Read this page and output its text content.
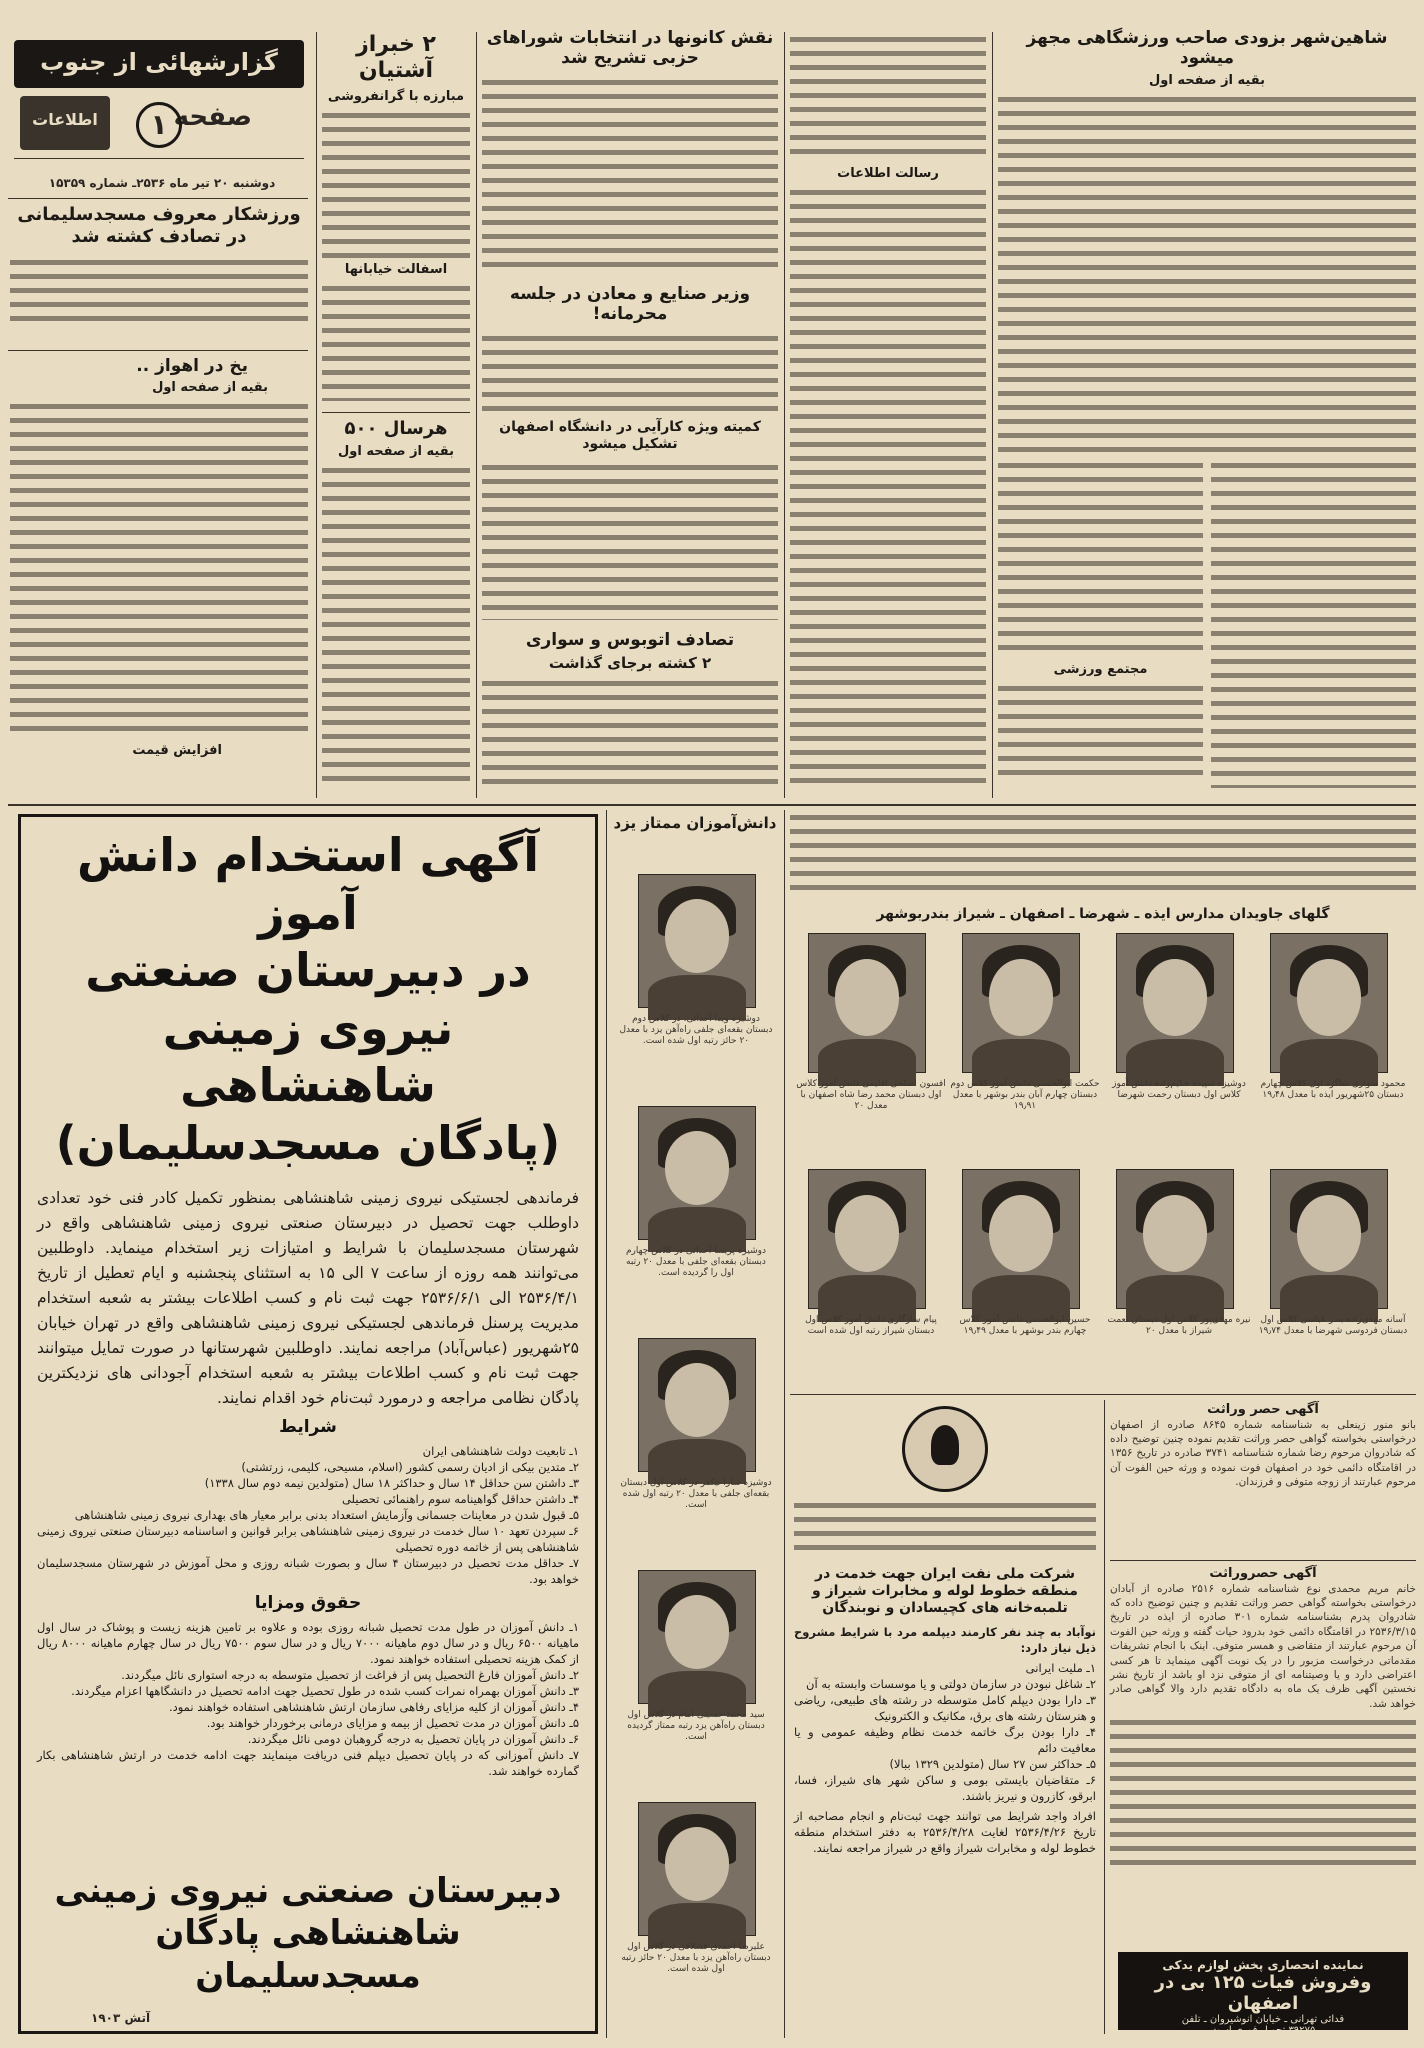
گزارشهائی از جنوب
صفحه
۱
اطلاعات
دوشنبه ۲۰ تیر ماه ۲۵۳۶ـ شماره ۱۵۳۵۹

ورزشکار معروف مسجدسلیمانی در تصادف کشته شد

یخ در اهواز ..

بقیه از صفحه اول

افزایش قیمت

۲ خبراز آشتیان

مبارزه با گرانفروشی

اسفالت خیابانها

هرسال ۵۰۰

بقیه از صفحه اول

نقش کانونها در انتخابات شوراهای حزبی تشریح شد

وزیر صنایع و معادن در جلسه محرمانه!

کمیته ویژه کارآیی در دانشگاه اصفهان تشکیل میشود

تصادف اتوبوس و سواری

۲ کشته برجای گذاشت

رسالت اطلاعات

شاهین‌شهر بزودی صاحب ورزشگاهی مجهز میشود

بقیه از صفحه اول

مجتمع ورزشی

آگهی استخدام دانش آموز

در دبیرستان صنعتی

نیروی زمینی شاهنشاهی

(پادگان مسجدسلیمان)

فرماندهی لجستیکی نیروی زمینی شاهنشاهی بمنظور تکمیل کادر فنی خود تعدادی داوطلب جهت تحصیل در دبیرستان صنعتی نیروی زمینی شاهنشاهی واقع در شهرستان مسجدسلیمان با شرایط و امتیازات زیر استخدام مینماید. داوطلبین می‌توانند همه روزه از ساعت ۷ الی ۱۵ به استثنای پنجشنبه و ایام تعطیل از تاریخ ۲۵۳۶/۴/۱ الی ۲۵۳۶/۶/۱ جهت ثبت نام و کسب اطلاعات بیشتر به شعبه استخدام مدیریت پرسنل فرماندهی لجستیکی نیروی زمینی شاهنشاهی واقع در تهران خیابان ۲۵شهریور (عباس‌آباد) مراجعه نمایند. داوطلبین شهرستانها در صورت تمایل میتوانند جهت ثبت نام و کسب اطلاعات بیشتر به شعبه استخدام آجودانی های نزدیکترین پادگان نظامی مراجعه و درمورد ثبت‌نام خود اقدام نمایند.

شرایط

۱ـ تابعیت دولت شاهنشاهی ایران

۲ـ متدین بیکی از ادیان رسمی کشور (اسلام، مسیحی، کلیمی، زرتشتی)

۳ـ داشتن سن حداقل ۱۴ سال و حداکثر ۱۸ سال (متولدین نیمه دوم سال ۱۳۳۸)

۴ـ داشتن حداقل گواهینامه سوم راهنمائی تحصیلی

۵ـ قبول شدن در معاینات جسمانی وآزمایش استعداد بدنی برابر معیار های بهداری نیروی زمینی شاهنشاهی

۶ـ سپردن تعهد ۱۰ سال خدمت در نیروی زمینی شاهنشاهی برابر قوانین و اساسنامه دبیرستان صنعتی نیروی زمینی شاهنشاهی پس از خاتمه دوره تحصیلی

۷ـ حداقل مدت تحصیل در دبیرستان ۴ سال و بصورت شبانه روزی و محل آموزش در شهرستان مسجدسلیمان خواهد بود.

حقوق ومزایا

۱ـ دانش آموزان در طول مدت تحصیل شبانه روزی بوده و علاوه بر تامین هزینه زیست و پوشاک در سال اول ماهیانه ۶۵۰۰ ریال و در سال دوم ماهیانه ۷۰۰۰ ریال و در سال سوم ۷۵۰۰ ریال در سال چهارم ماهیانه ۸۰۰۰ ریال از کمک هزینه تحصیلی استفاده خواهند نمود.

۲ـ دانش آموزان فارغ التحصیل پس از فراغت از تحصیل متوسطه به درجه استواری نائل میگردند.

۳ـ دانش آموزان بهمراه نمرات کسب شده در طول تحصیل جهت ادامه تحصیل در دانشگاهها اعزام میگردند.

۴ـ دانش آموزان از کلیه مزایای رفاهی سازمان ارتش شاهنشاهی استفاده خواهند نمود.

۵ـ دانش آموزان در مدت تحصیل از بیمه و مزایای درمانی برخوردار خواهند بود.

۶ـ دانش آموزان در پایان تحصیل به درجه گروهبان دومی نائل میگردند.

۷ـ دانش آموزانی که در پایان تحصیل دیپلم فنی دریافت مینمایند جهت ادامه خدمت در ارتش شاهنشاهی بکار گمارده خواهند شد.

دبیرستان صنعتی نیروی زمینی

شاهنشاهی پادگان مسجدسلیمان

آتش ۱۹۰۳

دانش‌آموزان ممتاز یزد

دوشیزه ویدا آحدائی، در کلاس دوم دبستان بقعه‌ای جلفی راه‌آهن یزد با معدل ۲۰ حائز رتبه اول شده است.
دوشیزه پریسا آحدائی در کلاس چهارم دبستان بقعه‌ای جلفی با معدل ۲۰ رتبه اول را گردیده است.
دوشیزه سارا نیکفر در کلاس اول دبستان بقعه‌ای جلفی با معدل ۲۰ رتبه اول شده است.
سید محمد حسینی امام در کلاس اول دبستان راه‌آهن یزد رتبه ممتاز گردیده است.
علیرضا احمدی قشلاقی در کلاس اول دبستان راه‌آهن یزد با معدل ۲۰ حائز رتبه اول شده است.

گلهای جاویدان مدارس ایذه ـ شهرضا ـ اصفهان ـ شیراز بندربوشهر

محمود سواری شاگرد اول کلاس چهارم دبستان ۲۵شهریور ایذه با معدل ۱۹٫۴۸
دوشیزه سپیده حکیم‌زاده دانش آموز کلاس اول دبستان رحمت شهرضا
حکمت ابوالحسنی دانش آموز کلاس دوم دبستان چهارم آبان بندر بوشهر با معدل ۱۹٫۹۱
افسون اصلحی اقلیمی دانش آموز کلاس اول دبستان محمد رضا شاه اصفهان با معدل ۲۰
آسانه مهدی‌زاده بندر عباسی کلاس اول دبستان فردوسی شهرضا با معدل ۱۹٫۷۴
نیره مهدی‌پور کلاس اول دبستان نعمت شیراز با معدل ۲۰
حسین ابوالحسنی دانش آموز کلاس چهارم بندر بوشهر با معدل ۱۹٫۴۹
پیام سازگاری دانش آموز کلاس اول دبستان شیراز رتبه اول شده است

شرکت ملی نفت ایران جهت خدمت در منطقه خطوط لوله و مخابرات شیراز و تلمبه‌خانه های کچیسادان و نوبندگان

نوآباد به چند نفر کارمند دیپلمه مرد با شرایط مشروح ذیل نیاز دارد:

۱ـ ملیت ایرانی

۲ـ شاغل نبودن در سازمان دولتی و یا موسسات وابسته به آن

۳ـ دارا بودن دیپلم کامل متوسطه در رشته های طبیعی، ریاضی و هنرستان رشته های برق، مکانیک و الکترونیک

۴ـ دارا بودن برگ خاتمه خدمت نظام وظیفه عمومی و یا معافیت دائم

۵ـ حداکثر سن ۲۷ سال (متولدین ۱۳۲۹ ببالا)

۶ـ متقاضیان بایستی بومی و ساکن شهر های شیراز، فسا، ابرقو، کازرون و نیریز باشند.

افراد واجد شرایط می توانند جهت ثبت‌نام و انجام مصاحبه از تاریخ ۲۵۳۶/۴/۲۶ لغایت ۲۵۳۶/۴/۲۸ به دفتر استخدام منطقه خطوط لوله و مخابرات شیراز واقع در شیراز مراجعه نمایند.

آگهی حصر وراثت

بانو منور زینعلی به شناسنامه شماره ۸۶۴۵ صادره از اصفهان درخواستی بخواسته گواهی حصر وراثت تقدیم نموده چنین توضیح داده که شادروان مرحوم رضا شماره شناسنامه ۳۷۴۱ صادره در تاریخ ۱۳۵۶ در اقامتگاه دائمی خود در اصفهان فوت نموده و ورثه حین الفوت آن مرحوم عبارتند از زوجه متوفی و فرزندان.

آگهی حصروراثت

خانم مریم محمدی نوع شناسنامه شماره ۲۵۱۶ صادره از آبادان درخواستی بخواسته گواهی حصر وراثت تقدیم و چنین توضیح داده که شادروان پدرم بشناسنامه شماره ۳۰۱ صادره از ایذه در تاریخ ۲۵۳۶/۳/۱۵ در اقامتگاه دائمی خود بدرود حیات گفته و ورثه حین الفوت آن مرحوم عبارتند از متقاضی و همسر متوفی. اینک با انجام تشریفات مقدماتی درخواست مزبور را در یک نوبت آگهی مینماید تا هر کسی اعتراضی دارد و یا وصیتنامه ای از متوفی نزد او باشد از تاریخ نشر نخستین آگهی ظرف یک ماه به دادگاه تقدیم دارد والا گواهی صادر خواهد شد.

نماینده انحصاری پخش لوازم یدکی
وفروش فیات ۱۲۵ بی در اصفهان
فدائی تهرانی ـ خیابان انوشیروان ـ تلفن
۳۹۲۷۵ تحویل فوری است
